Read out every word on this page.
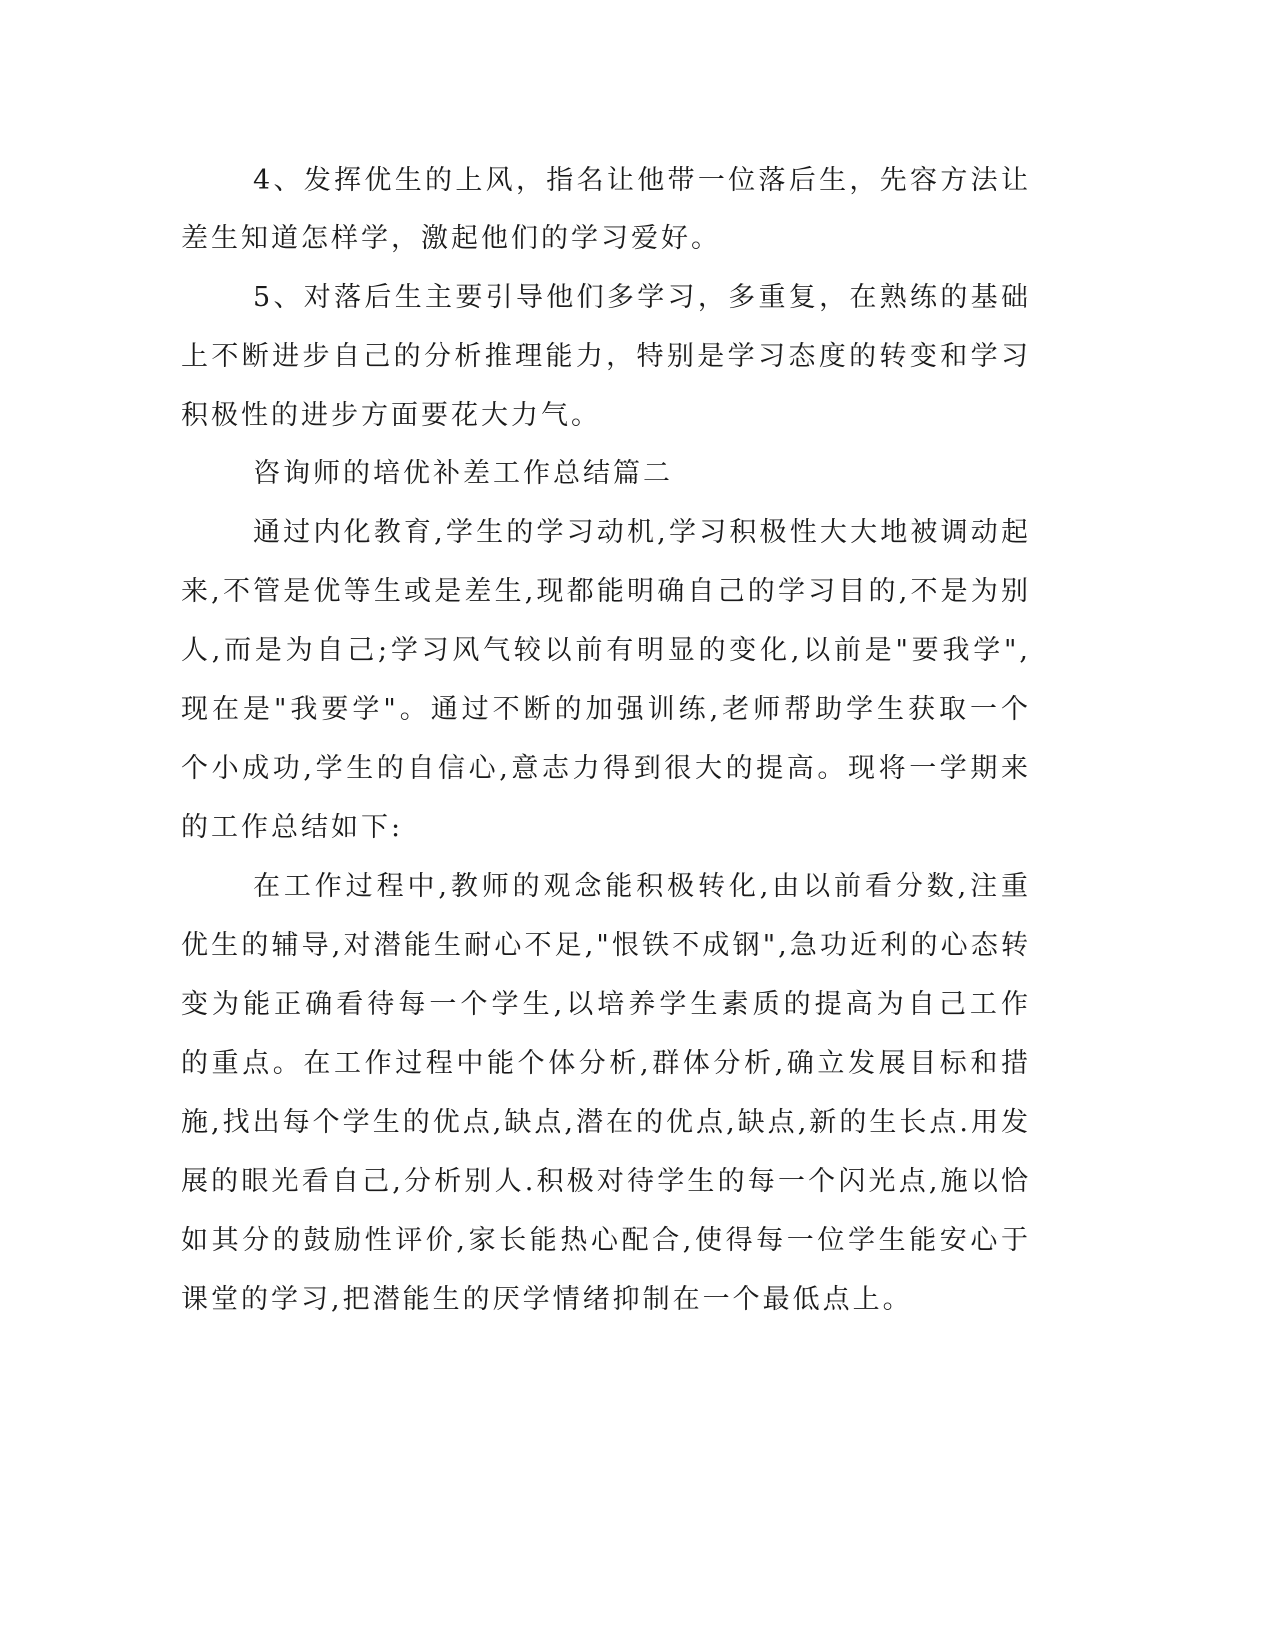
4、发挥优生的上风，指名让他带一位落后生，先容方法让差生知道怎样学，激起他们的学习爱好。

5、对落后生主要引导他们多学习，多重复，在熟练的基础上不断进步自己的分析推理能力，特别是学习态度的转变和学习积极性的进步方面要花大力气。

咨询师的培优补差工作总结篇二

通过内化教育,学生的学习动机,学习积极性大大地被调动起来,不管是优等生或是差生,现都能明确自己的学习目的,不是为别人,而是为自己;学习风气较以前有明显的变化,以前是"要我学",现在是"我要学"。通过不断的加强训练,老师帮助学生获取一个个小成功,学生的自信心,意志力得到很大的提高。现将一学期来的工作总结如下:

在工作过程中,教师的观念能积极转化,由以前看分数,注重优生的辅导,对潜能生耐心不足,"恨铁不成钢",急功近利的心态转变为能正确看待每一个学生,以培养学生素质的提高为自己工作的重点。在工作过程中能个体分析,群体分析,确立发展目标和措施,找出每个学生的优点,缺点,潜在的优点,缺点,新的生长点.用发展的眼光看自己,分析别人.积极对待学生的每一个闪光点,施以恰如其分的鼓励性评价,家长能热心配合,使得每一位学生能安心于课堂的学习,把潜能生的厌学情绪抑制在一个最低点上。
